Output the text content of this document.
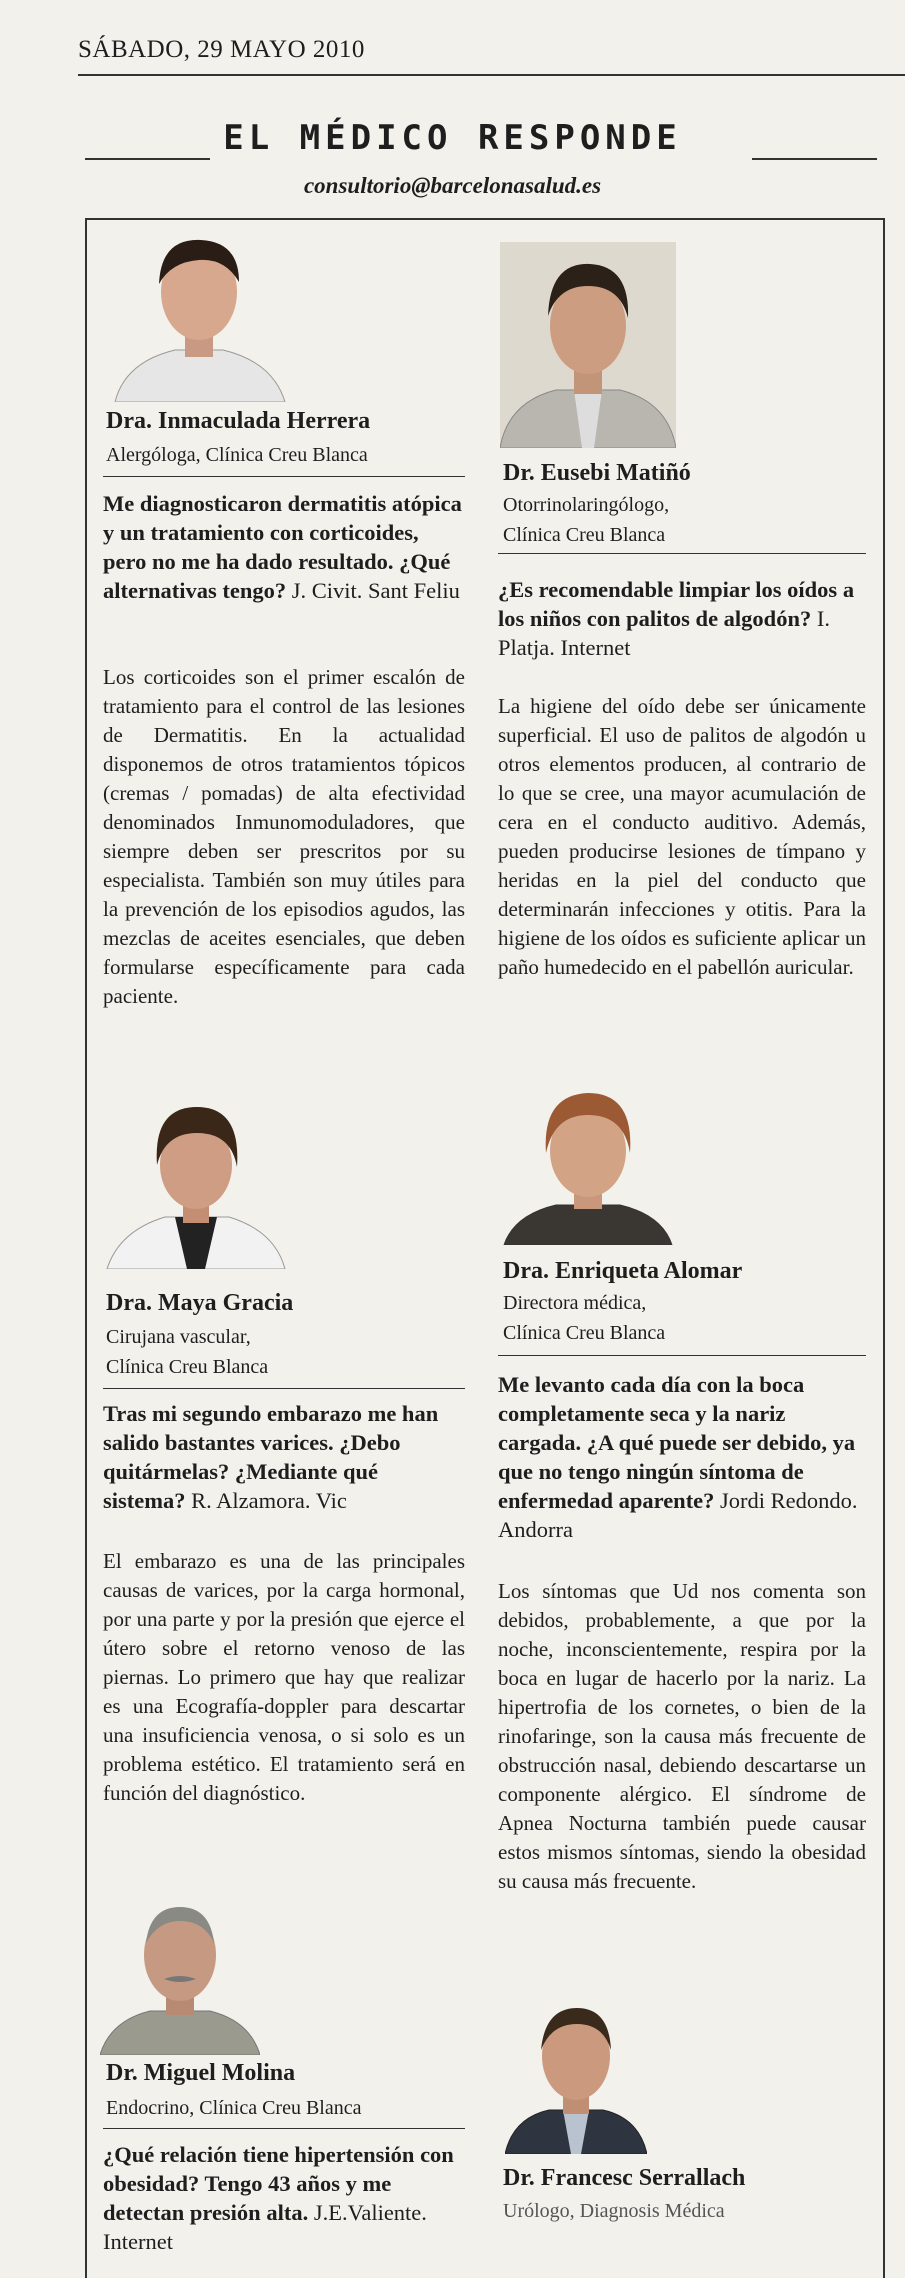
SÁBADO, 29 MAYO 2010
EL MÉDICO RESPONDE
consultorio@barcelonasalud.es
Dra. Inmaculada Herrera
Alergóloga, Clínica Creu Blanca
Me diagnosticaron dermatitis atópica y un tratamiento con corticoides, pero no me ha dado resultado. ¿Qué alternativas tengo? J. Civit. Sant Feliu
Los corticoides son el primer escalón de tratamiento para el control de las lesiones de Dermatitis. En la actualidad disponemos de otros tratamientos tópicos (cremas / pomadas) de alta efectividad denominados Inmunomoduladores, que siempre deben ser prescritos por su especialista. También son muy útiles para la prevención de los episodios agudos, las mezclas de aceites esenciales, que deben formularse específicamente para cada paciente.
Dra. Maya Gracia
Cirujana vascular,
Clínica Creu Blanca
Tras mi segundo embarazo me han salido bastantes varices. ¿Debo quitármelas? ¿Mediante qué sistema? R. Alzamora. Vic
El embarazo es una de las principales causas de varices, por la carga hormonal, por una parte y por la presión que ejerce el útero sobre el retorno venoso de las piernas. Lo primero que hay que realizar es una Ecografía-doppler para descartar una insuficiencia venosa, o si solo es un problema estético. El tratamiento será en función del diagnóstico.
Dr. Miguel Molina
Endocrino, Clínica Creu Blanca
¿Qué relación tiene hipertensión con obesidad? Tengo 43 años y me detectan presión alta. J.E.Valiente. Internet
Dr. Eusebi Matiñó
Otorrinolaringólogo,
Clínica Creu Blanca
¿Es recomendable limpiar los oídos a los niños con palitos de algodón? I. Platja. Internet
La higiene del oído debe ser únicamente superficial. El uso de palitos de algodón u otros elementos producen, al contrario de lo que se cree, una mayor acumulación de cera en el conducto auditivo. Además, pueden producirse lesiones de tímpano y heridas en la piel del conducto que determinarán infecciones y otitis. Para la higiene de los oídos es suficiente aplicar un paño humedecido en el pabellón auricular.
Dra. Enriqueta Alomar
Directora médica,
Clínica Creu Blanca
Me levanto cada día con la boca completamente seca y la nariz cargada. ¿A qué puede ser debido, ya que no tengo ningún síntoma de enfermedad aparente? Jordi Redondo. Andorra
Los síntomas que Ud nos comenta son debidos, probablemente, a que por la noche, inconscientemente, respira por la boca en lugar de hacerlo por la nariz. La hipertrofia de los cornetes, o bien de la rinofaringe, son la causa más frecuente de obstrucción nasal, debiendo descartarse un componente alérgico. El síndrome de Apnea Nocturna también puede causar estos mismos síntomas, siendo la obesidad su causa más frecuente.
Dr. Francesc Serrallach
Urólogo, Diagnosis Médica
